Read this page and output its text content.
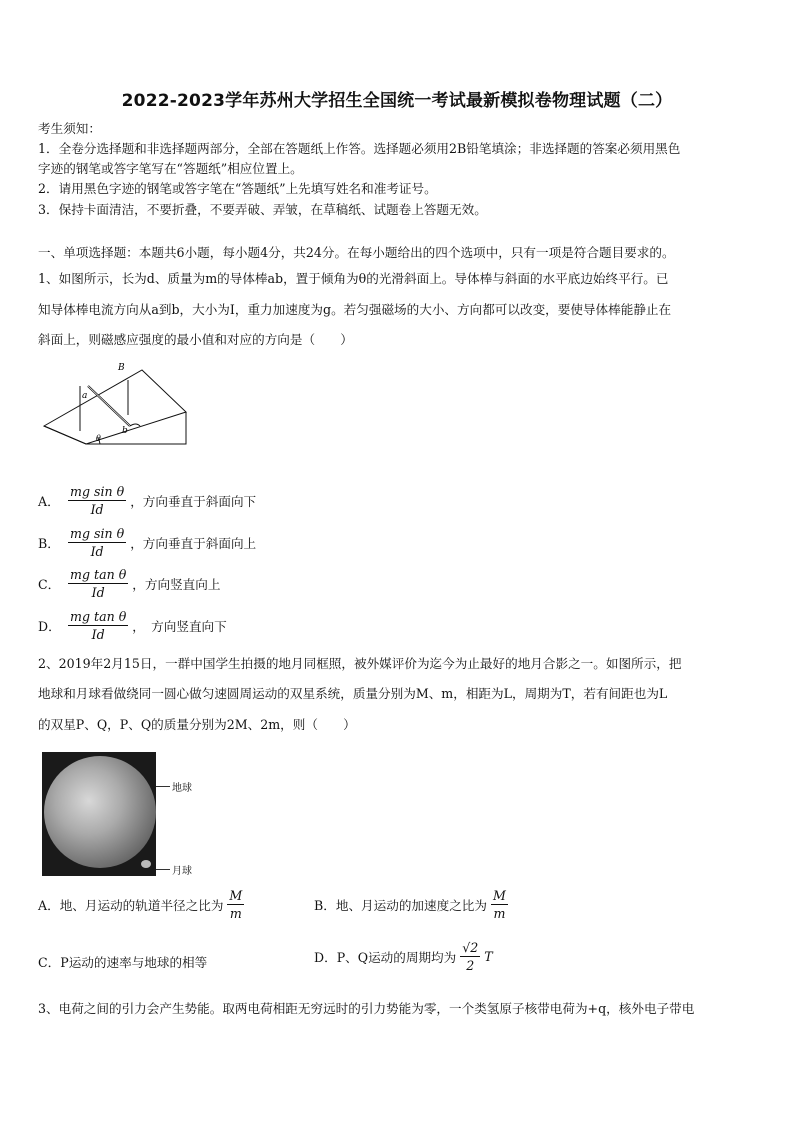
2022-2023学年苏州大学招生全国统一考试最新模拟卷物理试题（二）
考生须知：
1．全卷分选择题和非选择题两部分，全部在答题纸上作答。选择题必须用2B铅笔填涂；非选择题的答案必须用黑色
字迹的钢笔或答字笔写在“答题纸”相应位置上。
2．请用黑色字迹的钢笔或答字笔在“答题纸”上先填写姓名和准考证号。
3．保持卡面清洁，不要折叠，不要弄破、弄皱，在草稿纸、试题卷上答题无效。
一、单项选择题：本题共6小题，每小题4分，共24分。在每小题给出的四个选项中，只有一项是符合题目要求的。
1、如图所示，长为d、质量为m的导体棒ab，置于倾角为θ的光滑斜面上。导体棒与斜面的水平底边始终平行。已
知导体棒电流方向从a到b，大小为I，重力加速度为g。若匀强磁场的大小、方向都可以改变，要使导体棒能静止在
斜面上，则磁感应强度的最小值和对应的方向是（　　）
B
a
b
θ
A． $\frac{\text{mg sin θ}}{Id}$ ，方向垂直于斜面向下
B． $\frac{\text{mg sin θ}}{Id}$ ，方向垂直于斜面向上
C． $\frac{\text{mg tan θ}}{Id}$ ，方向竖直向上
D． $\frac{\text{mg tan θ}}{Id}$ ，　方向竖直向下
2、2019年2月15日，一群中国学生拍摄的地月同框照，被外媒评价为迄今为止最好的地月合影之一。如图所示，把
地球和月球看做绕同一圆心做匀速圆周运动的双星系统，质量分别为M、m，相距为L，周期为T，若有间距也为L
的双星P、Q，P、Q的质量分别为2M、2m，则（　　）
地球
月球
A．地、月运动的轨道半径之比为 $\frac{M}{m}$	B．地、月运动的加速度之比为 $\frac{M}{m}$
C．P运动的速率与地球的相等	D．P、Q运动的周期均为 $\frac{√2}{2}$ T
3、电荷之间的引力会产生势能。取两电荷相距无穷远时的引力势能为零，一个类氢原子核带电荷为+q，核外电子带电
